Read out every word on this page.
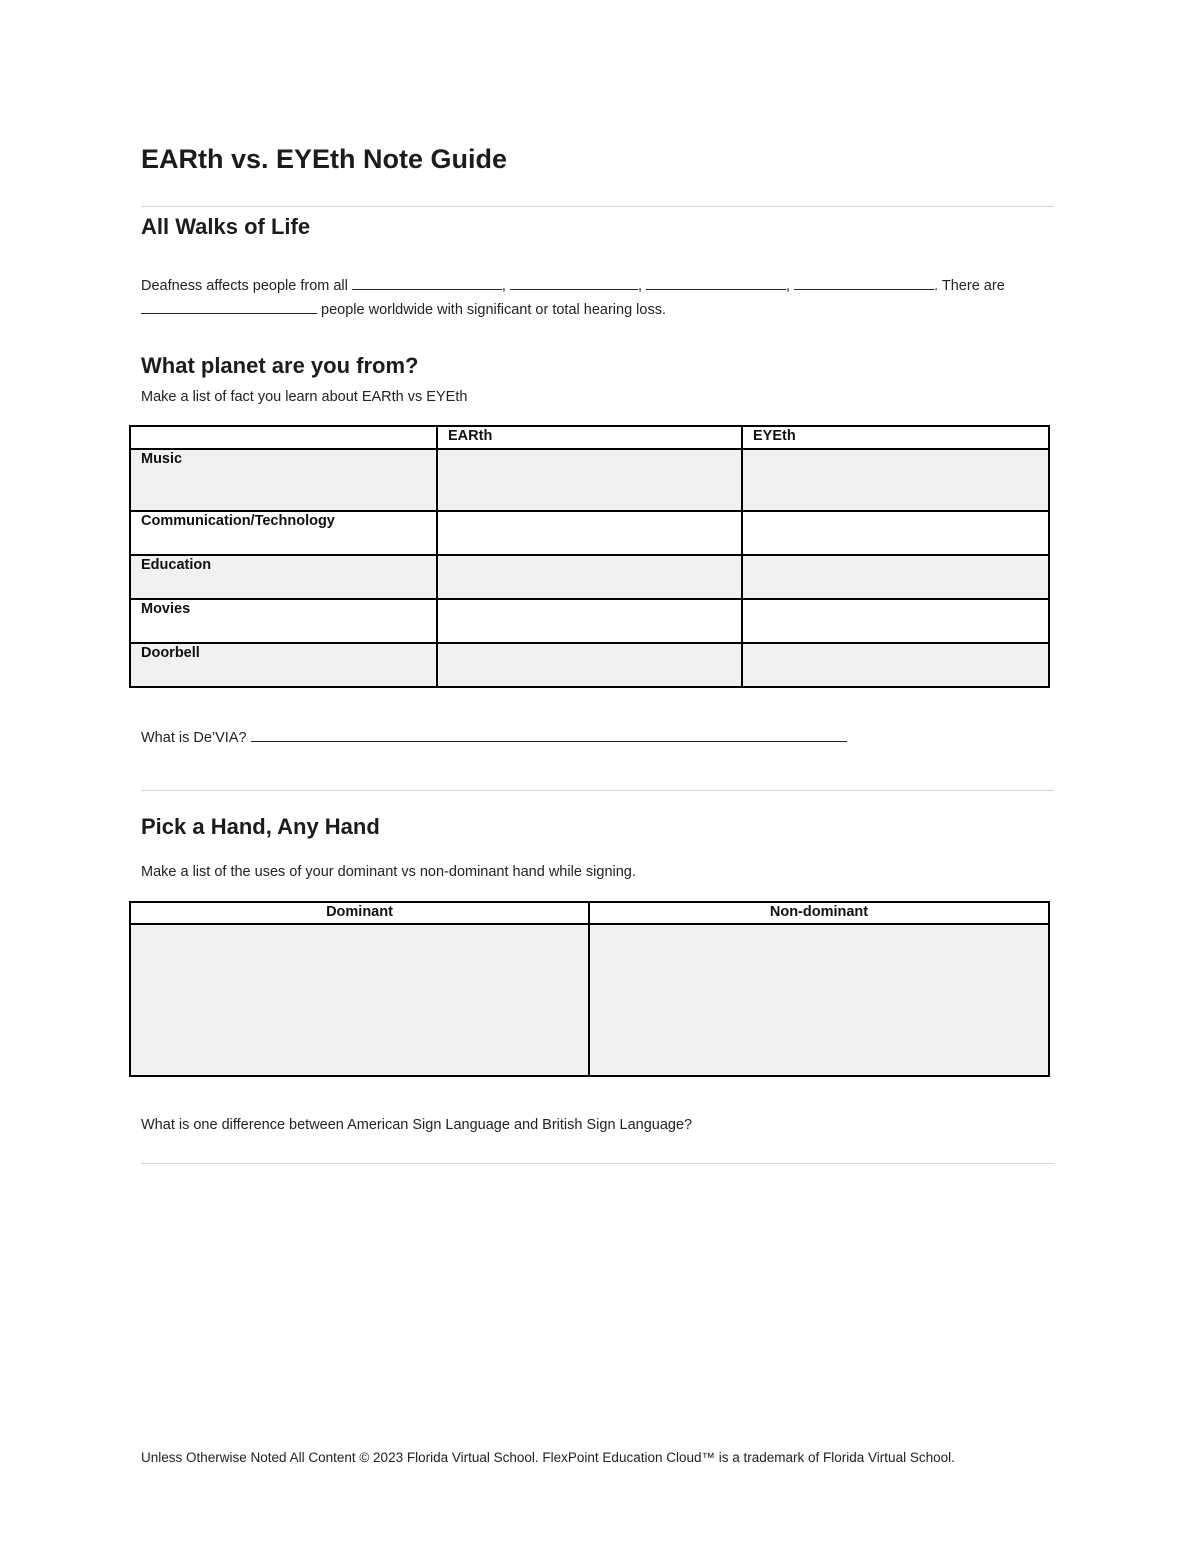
EARth vs. EYEth Note Guide
All Walks of Life
Deafness affects people from all	,	,	,	. There are
people worldwide with significant or total hearing loss.
What planet are you from?
Make a list of fact you learn about EARth vs EYEth
	EARth	EYEth
Music		
Communication/Technology		
Education		
Movies		
Doorbell		
What is De’VIA?
Pick a Hand, Any Hand
Make a list of the uses of your dominant vs non-dominant hand while signing.
Dominant	Non-dominant

What is one difference between American Sign Language and British Sign Language?
Unless Otherwise Noted All Content © 2023 Florida Virtual School. FlexPoint Education Cloud™ is a trademark of Florida Virtual School.
